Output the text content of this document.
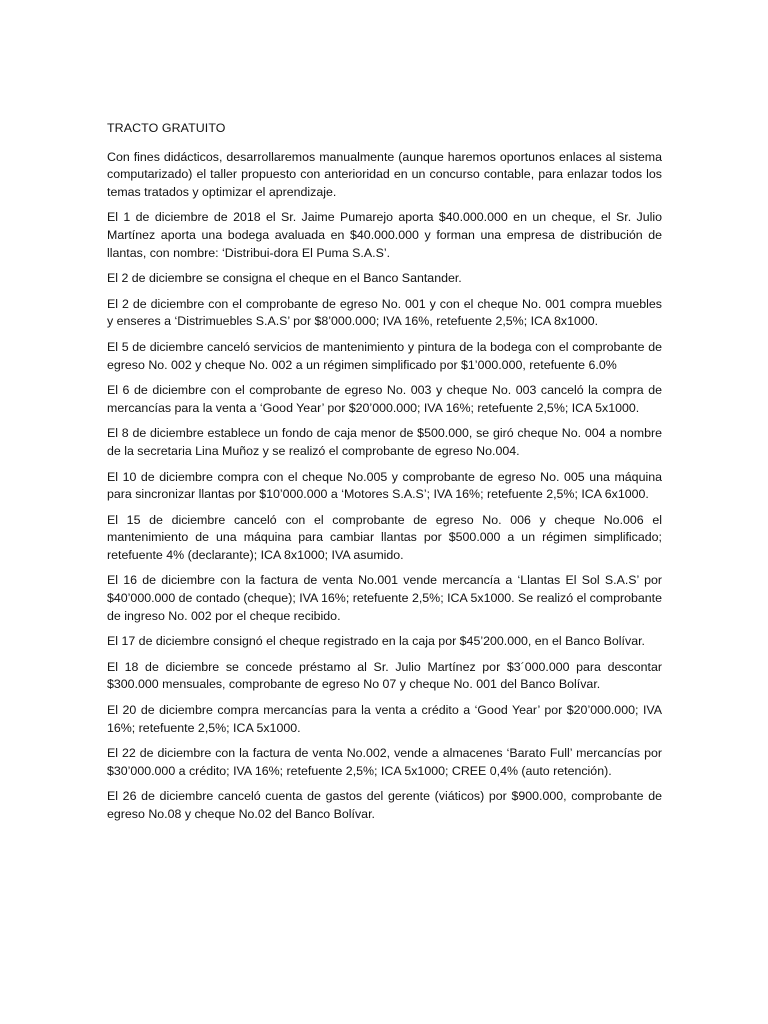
TRACTO GRATUITO

Con fines didácticos, desarrollaremos manualmente (aunque haremos oportunos enlaces al sistema computarizado) el taller propuesto con anterioridad en un concurso contable, para enlazar todos los temas tratados y optimizar el aprendizaje.

El 1 de diciembre de 2018 el Sr. Jaime Pumarejo aporta $40.000.000 en un cheque, el Sr. Julio Martínez aporta una bodega avaluada en $40.000.000 y forman una empresa de distribución de llantas, con nombre: ‘Distribui-dora El Puma S.A.S’.

El 2 de diciembre se consigna el cheque en el Banco Santander.

El 2 de diciembre con el comprobante de egreso No. 001 y con el cheque No. 001 compra muebles y enseres a ‘Distrimuebles S.A.S’ por $8’000.000; IVA 16%, retefuente 2,5%; ICA 8x1000.

El 5 de diciembre canceló servicios de mantenimiento y pintura de la bodega con el comprobante de egreso No. 002 y cheque No. 002 a un régimen simplificado por $1’000.000, retefuente 6.0%

El 6 de diciembre con el comprobante de egreso No. 003 y cheque No. 003 canceló la compra de mercancías para la venta a ‘Good Year’ por $20’000.000; IVA 16%; retefuente 2,5%; ICA 5x1000.

El 8 de diciembre establece un fondo de caja menor de $500.000, se giró cheque No. 004 a nombre de la secretaria Lina Muñoz y se realizó el comprobante de egreso No.004.

El 10 de diciembre compra con el cheque No.005 y comprobante de egreso No. 005 una máquina para sincronizar llantas por $10’000.000 a ‘Motores S.A.S’; IVA 16%; retefuente 2,5%; ICA 6x1000.

El 15 de diciembre canceló con el comprobante de egreso No. 006 y cheque No.006 el mantenimiento de una máquina para cambiar llantas por $500.000 a un régimen simplificado; retefuente 4% (declarante); ICA 8x1000; IVA asumido.

El 16 de diciembre con la factura de venta No.001 vende mercancía a ‘Llantas El Sol S.A.S’ por $40’000.000 de contado (cheque); IVA 16%; retefuente 2,5%; ICA 5x1000. Se realizó el comprobante de ingreso No. 002 por el cheque recibido.

El 17 de diciembre consignó el cheque registrado en la caja por $45’200.000, en el Banco Bolívar.

El 18 de diciembre se concede préstamo al Sr. Julio Martínez por $3´000.000 para descontar $300.000 mensuales, comprobante de egreso No 07 y cheque No. 001 del Banco Bolívar.

El 20 de diciembre compra mercancías para la venta a crédito a ‘Good Year’ por $20’000.000; IVA 16%; retefuente 2,5%; ICA 5x1000.

El 22 de diciembre con la factura de venta No.002, vende a almacenes ‘Barato Full’ mercancías por $30’000.000 a crédito; IVA 16%; retefuente 2,5%; ICA 5x1000; CREE 0,4% (auto retención).

El 26 de diciembre canceló cuenta de gastos del gerente (viáticos) por $900.000, comprobante de egreso No.08 y cheque No.02 del Banco Bolívar.
